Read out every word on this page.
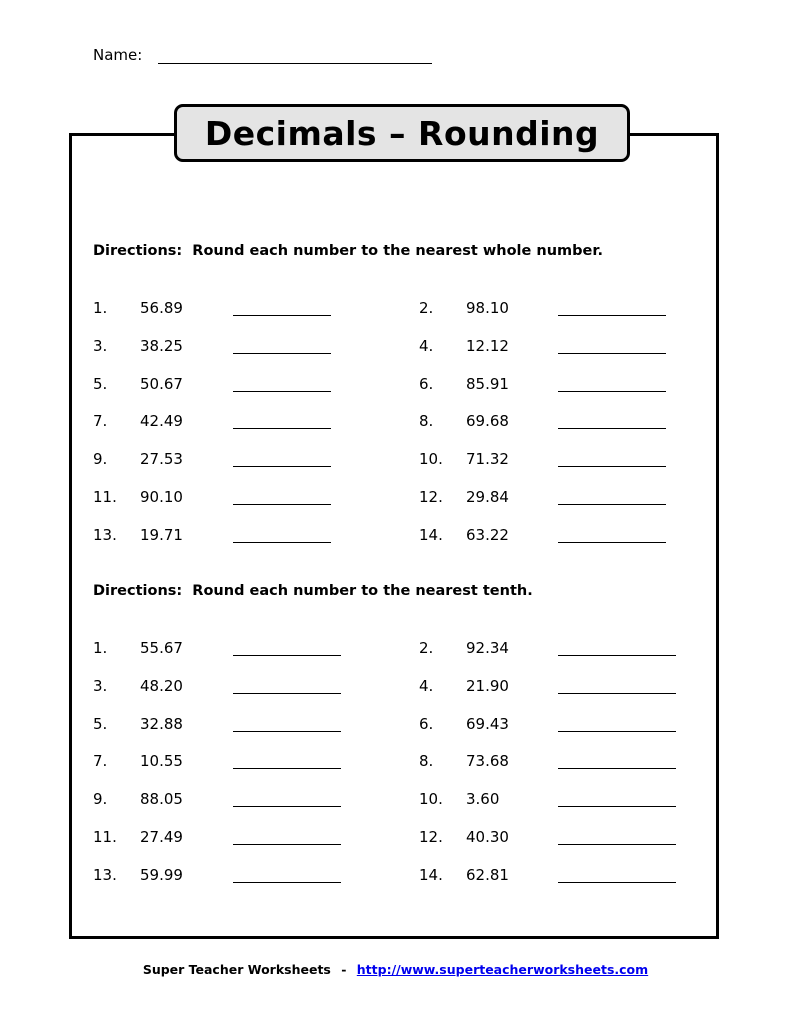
Name:
Decimals – Rounding
Directions:  Round each number to the nearest whole number.
1. 56.89	2. 98.10
3. 38.25	4. 12.12
5. 50.67	6. 85.91
7. 42.49	8. 69.68
9. 27.53	10. 71.32
11. 90.10	12. 29.84
13. 19.71	14. 63.22
Directions:  Round each number to the nearest tenth.
1. 55.67	2. 92.34
3. 48.20	4. 21.90
5. 32.88	6. 69.43
7. 10.55	8. 73.68
9. 88.05	10. 3.60
11. 27.49	12. 40.30
13. 59.99	14. 62.81
Super Teacher Worksheets - http://www.superteacherworksheets.com
